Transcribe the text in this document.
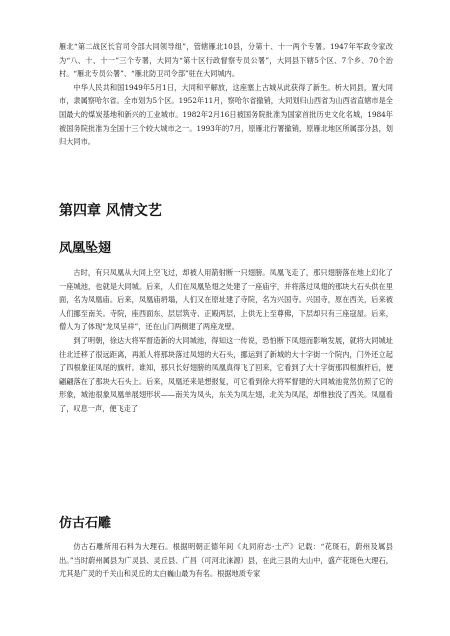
雁北“第二战区长官司令部大同领导组”，管辖雁北10县，分第十、十一两个专署。1947年军政令家改为“八、十、十一”三个专署，大同为“第十区行政督察专员公署”，大同县下辖5个区、7个乡、70个治村。“雁北专员公署”、“雁北防卫司令部”驻在大同城内。

中华人民共和国1949年5月1日，大同和平解放，这座塞上古城从此获得了新生。析大同县，置大同市，隶属察哈尔省。全市划为5个区。1952年11月，察哈尔省撤销，大同划归山西省为山西省直辖市是全国最大的煤炭基地和新兴的工业城市。1982年2月16日被国务院批准为国家首批历史文化名城，1984年被国务院批准为全国十三个较大城市之一。1993年的7月，原雁北行署撤销，原雁北地区所属部分县，划归大同市。

第四章 风情文艺
凤凰坠翅

古时，有只凤凰从大同上空飞过，却被人用箭射断一只翅膀。凤凰飞走了，那只翅膀落在地上幻化了一座城池，也就是大同城。后来，人们在凤凰坠翅之处建了一座庙宇，并将落过凤翅的那块大石头供在里面，名为凤凰庙。后来，凤凰庙坍塌，人们又在原址建了寺院，名为兴国寺。兴国寺，原在西关，后来被人们挪至南关。寺院，座西面东、层层筑寺、正殿两层，上供无上至尊佛，下层却只有三座寇屋。后来，僧人为了体现“龙凤呈祥”，还在山门两侧建了两座龙壁。

到了明朝，徐达大将军督造新的大同城池，得知这一传说，恐怕断下凤翅而影响发展，就将大同城址往北迁移了很远距离，再派人将那块落过凤翅的大石头，挪运到了新城的大十字街一个院内，门外还立起了四根象征凤尾的旗杆。谁知，那只长好翅膀的凤凰真得飞了回来，它看到了大十字街那四根旗杆后，便翩翩落在了那块大石头上。后来，凤凰还来是想报复，可它看到徐大将军督建的大同城池竟然仿照了它的形象，城池很象凤凰单展翅形状——南关为凤头，东关为凤左翅，北关为凤尾，却惟独没了西关。凤凰看了，叹息一声，便飞走了

仿古石雕

仿古石雕所用石料为大理石。根据明朝正德年间《丸同府志·土产》记载：“花斑石，蔚州及属县出。”当时蔚州属县为广灵县、灵丘县、广昌（可河北涞源）县，在此三县的大山中，盛产花斑色大理石，尤其是广灵的千关山和灵丘的太白巍山最为有名。根据地质专家
